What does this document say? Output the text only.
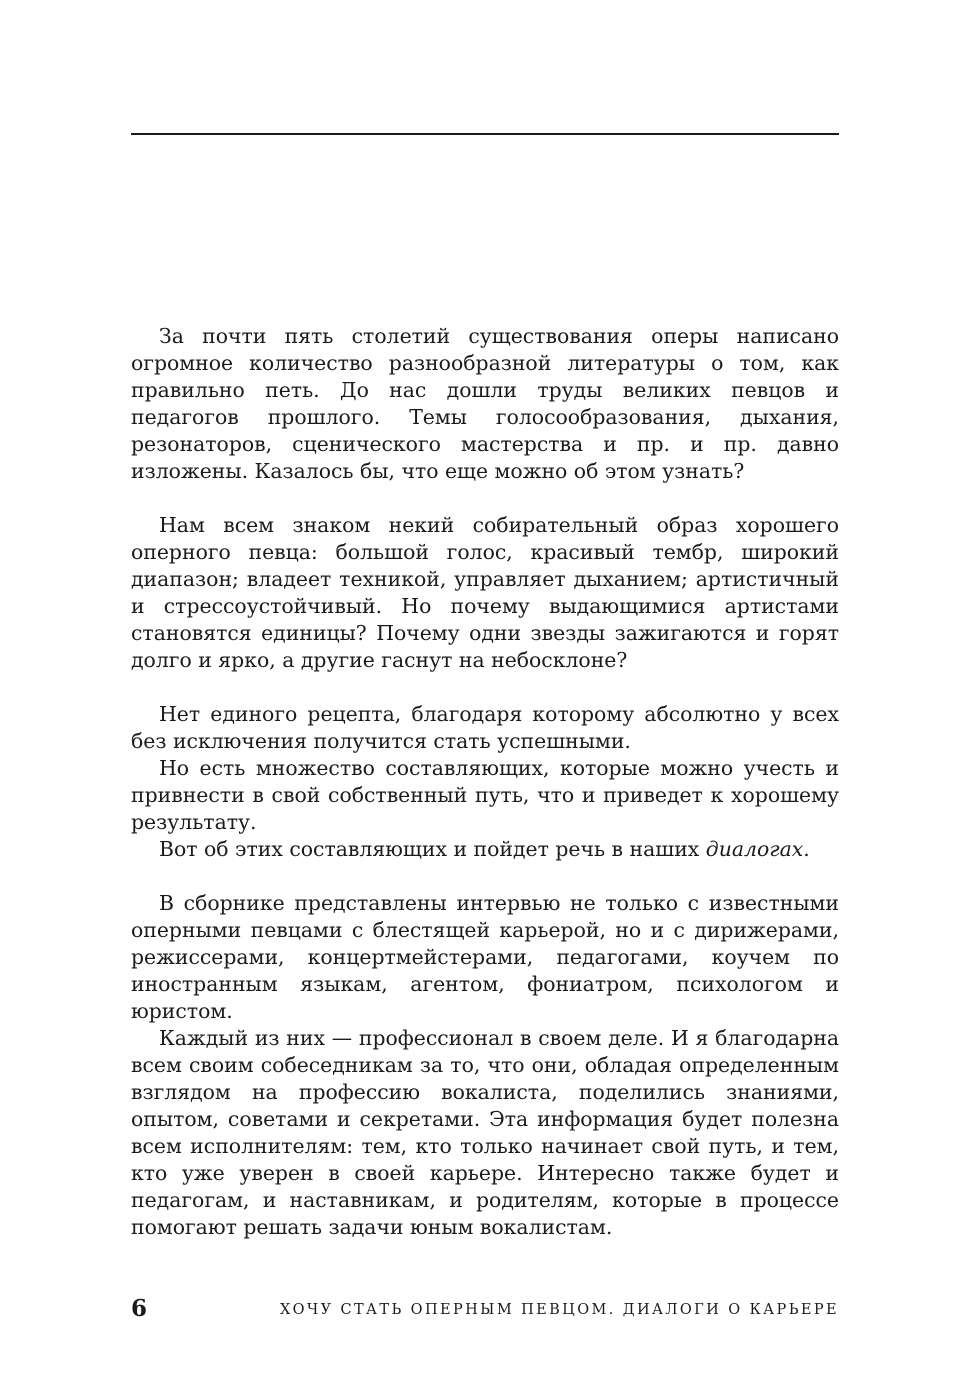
За почти пять столетий существования оперы написано огромное количество разнообразной литературы о том, как правильно петь. До нас дошли труды великих певцов и педагогов прошлого. Темы голосообразования, дыхания, резонаторов, сценического мастерства и пр. и пр. давно изложены. Казалось бы, что еще можно об этом узнать?

Нам всем знаком некий собирательный образ хорошего оперного певца: большой голос, красивый тембр, широкий диапазон; владеет техникой, управляет дыханием; артистичный и стрессоустойчивый. Но почему выдающимися артистами становятся единицы? Почему одни звезды зажигаются и горят долго и ярко, а другие гаснут на небосклоне?

Нет единого рецепта, благодаря которому абсолютно у всех без исключения получится стать успешными.

Но есть множество составляющих, которые можно учесть и привнести в свой собственный путь, что и приведет к хорошему результату.

Вот об этих составляющих и пойдет речь в наших диалогах.

В сборнике представлены интервью не только с известными оперными певцами с блестящей карьерой, но и с дирижерами, режиссерами, концертмейстерами, педагогами, коучем по иностранным языкам, агентом, фониатром, психологом и юристом.

Каждый из них — профессионал в своем деле. И я благодарна всем своим собеседникам за то, что они, обладая определенным взглядом на профессию вокалиста, поделились знаниями, опытом, советами и секретами. Эта информация будет полезна всем исполнителям: тем, кто только начинает свой путь, и тем, кто уже уверен в своей карьере. Интересно также будет и педагогам, и наставникам, и родителям, которые в процессе помогают решать задачи юным вокалистам.

6	ХОЧУ СТАТЬ ОПЕРНЫМ ПЕВЦОМ. ДИАЛОГИ О КАРЬЕРЕ
